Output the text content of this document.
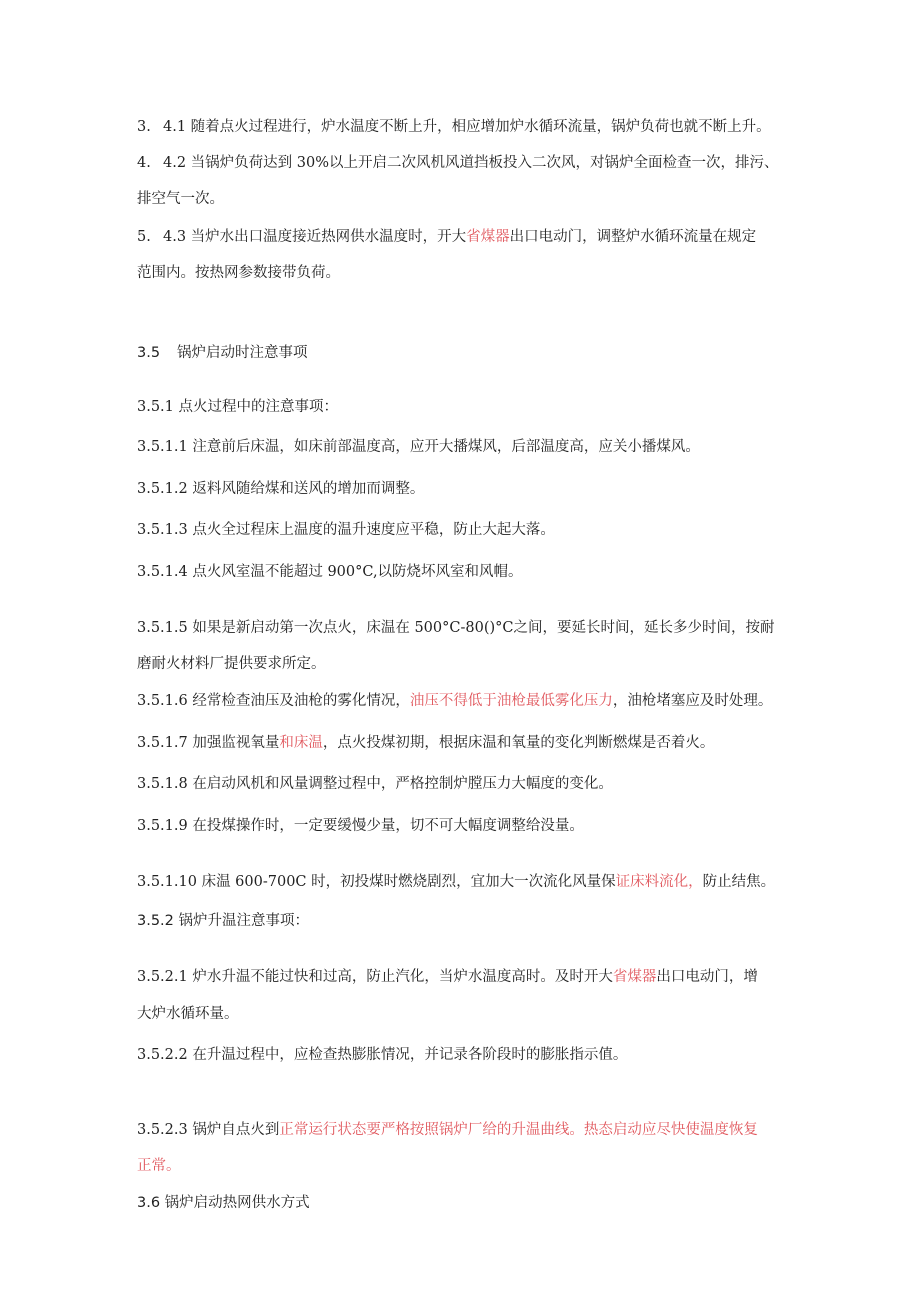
3. 4.1 随着点火过程进行，炉水温度不断上升，相应增加炉水循环流量，锅炉负荷也就不断上升。
4. 4.2 当锅炉负荷达到 30%以上开启二次风机风道挡板投入二次风，对锅炉全面检查一次，排污、
排空气一次。
5. 4.3 当炉水出口温度接近热网供水温度时，开大省煤器出口电动门，调整炉水循环流量在规定
范围内。按热网参数接带负荷。
3.5 锅炉启动时注意事项
3.5.1 点火过程中的注意事项：
3.5.1.1 注意前后床温，如床前部温度高，应开大播煤风，后部温度高，应关小播煤风。
3.5.1.2 返料风随给煤和送风的增加而调整。
3.5.1.3 点火全过程床上温度的温升速度应平稳，防止大起大落。
3.5.1.4 点火风室温不能超过 900°C,以防烧坏风室和风帽。
3.5.1.5 如果是新启动第一次点火，床温在 500°C-80()°C之间，要延长时间，延长多少时间，按耐
磨耐火材料厂提供要求所定。
3.5.1.6 经常检查油压及油枪的雾化情况，油压不得低于油枪最低雾化压力，油枪堵塞应及时处理。
3.5.1.7 加强监视氧量和床温，点火投煤初期，根据床温和氧量的变化判断燃煤是否着火。
3.5.1.8 在启动风机和风量调整过程中，严格控制炉膛压力大幅度的变化。
3.5.1.9 在投煤操作时，一定要缓慢少量，切不可大幅度调整给没量。
3.5.1.10 床温 600-700C 时，初投煤时燃烧剧烈，宜加大一次流化风量保证床料流化，防止结焦。
3.5.2 锅炉升温注意事项：
3.5.2.1 炉水升温不能过快和过高，防止汽化，当炉水温度高时。及时开大省煤器出口电动门，增
大炉水循环量。
3.5.2.2 在升温过程中，应检查热膨胀情况，并记录各阶段时的膨胀指示值。
3.5.2.3 锅炉自点火到正常运行状态要严格按照锅炉厂给的升温曲线。热态启动应尽快使温度恢复
正常。
3.6 锅炉启动热网供水方式
